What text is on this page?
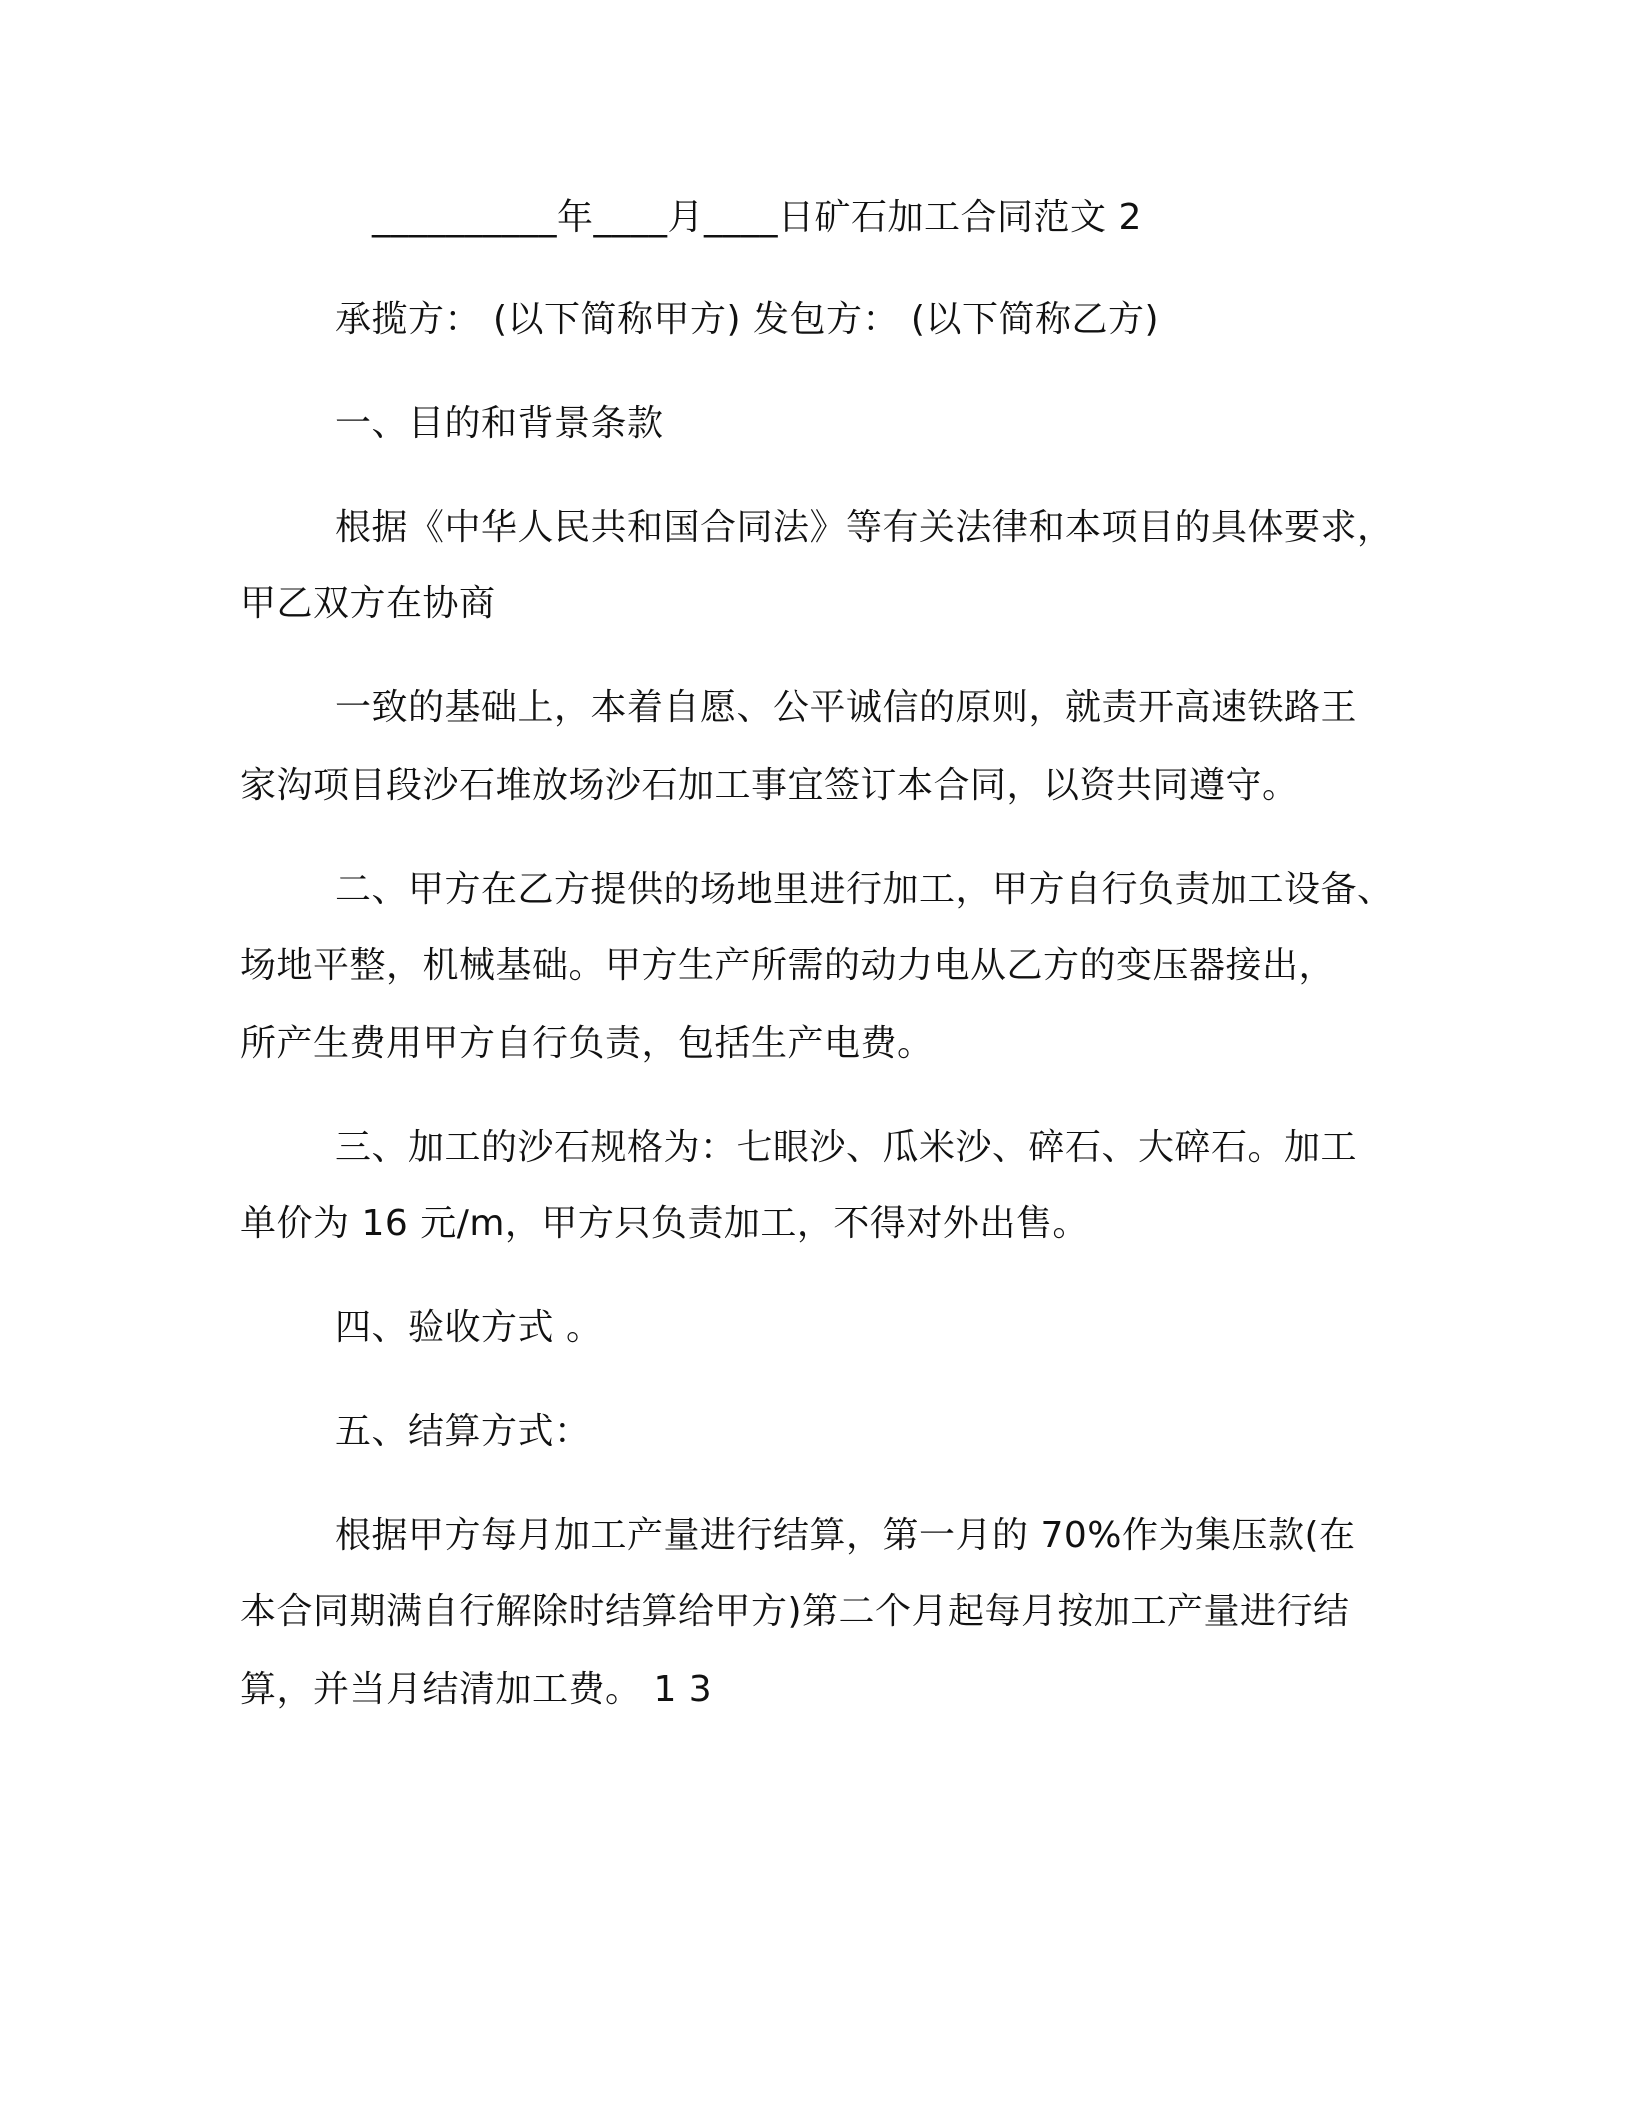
__________年____月____日矿石加工合同范文 2
承揽方： (以下简称甲方) 发包方： (以下简称乙方)
一、目的和背景条款
根据《中华人民共和国合同法》等有关法律和本项目的具体要求，
甲乙双方在协商
一致的基础上，本着自愿、公平诚信的原则，就责开高速铁路王
家沟项目段沙石堆放场沙石加工事宜签订本合同，以资共同遵守。
二、甲方在乙方提供的场地里进行加工，甲方自行负责加工设备、
场地平整，机械基础。甲方生产所需的动力电从乙方的变压器接出，
所产生费用甲方自行负责，包括生产电费。
三、加工的沙石规格为：七眼沙、瓜米沙、碎石、大碎石。加工
单价为 16 元/m，甲方只负责加工，不得对外出售。
四、验收方式 。
五、结算方式：
根据甲方每月加工产量进行结算，第一月的 70%作为集压款(在
本合同期满自行解除时结算给甲方)第二个月起每月按加工产量进行结
算，并当月结清加工费。 1 3
